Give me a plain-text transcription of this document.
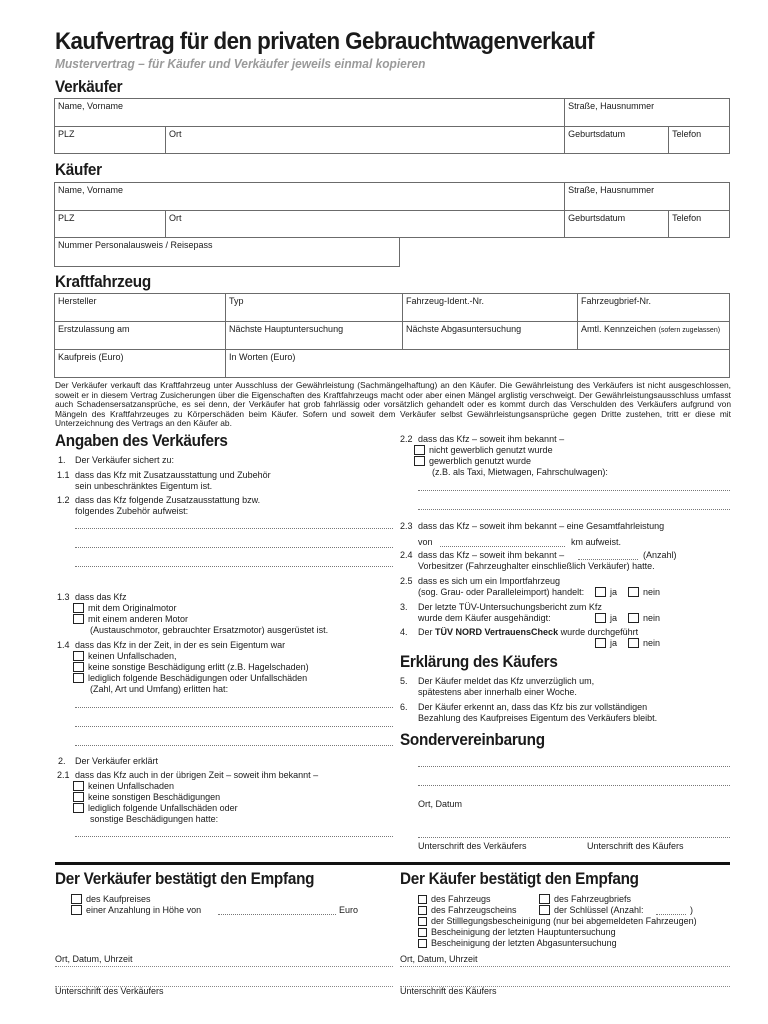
Kaufvertrag für den privaten Gebrauchtwagenverkauf
Mustervertrag – für Käufer und Verkäufer jeweils einmal kopieren
Verkäufer
Name, Vorname		Straße, Hausnummer	
PLZ	Ort	Geburtsdatum	Telefon
Käufer
Name, Vorname		Straße, Hausnummer	
PLZ	Ort	Geburtsdatum	Telefon
Nummer Personalausweis / Reisepass
Kraftfahrzeug
Hersteller	Typ	Fahrzeug-Ident.-Nr.	Fahrzeugbrief-Nr.
Erstzulassung am	Nächste Hauptuntersuchung	Nächste Abgasuntersuchung	Amtl. Kennzeichen (sofern zugelassen)
Kaufpreis (Euro)	In Worten (Euro)		
Der Verkäufer verkauft das Kraftfahrzeug unter Ausschluss der Gewährleistung (Sachmängelhaftung) an den Käufer. Die Gewährleistung des Verkäufers ist nicht ausgeschlossen, soweit er in diesem Vertrag Zusicherungen über die Eigenschaften des Kraftfahrzeugs macht oder aber einen Mängel arglistig verschweigt. Der Gewährleistungsausschluss umfasst auch Schadensersatzansprüche, es sei denn, der Verkäufer hat grob fahrlässig oder vorsätzlich gehandelt oder es kommt durch das Verschulden des Verkäufers aufgrund von Mängeln des Kraftfahrzeuges zu Körperschäden beim Käufer. Sofern und soweit dem Verkäufer selbst Gewährleistungsansprüche gegen Dritte zustehen, tritt er diese mit Unterzeichnung des Vertrags an den Käufer ab.
Angaben des Verkäufers
1. Der Verkäufer sichert zu:
1.1 dass das Kfz mit Zusatzausstattung und Zubehör
sein unbeschränktes Eigentum ist.
1.2 dass das Kfz folgende Zusatzausstattung bzw.
folgendes Zubehör aufweist:
1.3 dass das Kfz
mit dem Originalmotor
mit einem anderen Motor
(Austauschmotor, gebrauchter Ersatzmotor) ausgerüstet ist.
1.4 dass das Kfz in der Zeit, in der es sein Eigentum war
keinen Unfallschaden,
keine sonstige Beschädigung erlitt (z.B. Hagelschaden)
lediglich folgende Beschädigungen oder Unfallschäden
(Zahl, Art und Umfang) erlitten hat:
2. Der Verkäufer erklärt
2.1 dass das Kfz auch in der übrigen Zeit – soweit ihm bekannt –
keinen Unfallschaden
keine sonstigen Beschädigungen
lediglich folgende Unfallschäden oder
sonstige Beschädigungen hatte:
2.2 dass das Kfz – soweit ihm bekannt –
nicht gewerblich genutzt wurde
gewerblich genutzt wurde
(z.B. als Taxi, Mietwagen, Fahrschulwagen):
2.3 dass das Kfz – soweit ihm bekannt – eine Gesamtfahrleistung
von	km aufweist.
2.4 dass das Kfz – soweit ihm bekannt –	(Anzahl)
Vorbesitzer (Fahrzeughalter einschließlich Verkäufer) hatte.
2.5 dass es sich um ein Importfahrzeug
(sog. Grau- oder Paralleleimport) handelt:	ja	nein
3. Der letzte TÜV-Untersuchungsbericht zum Kfz
wurde dem Käufer ausgehändigt:	ja	nein
4. Der TÜV NORD VertrauensCheck wurde durchgeführt
ja	nein
Erklärung des Käufers
5. Der Käufer meldet das Kfz unverzüglich um,
spätestens aber innerhalb einer Woche.
6. Der Käufer erkennt an, dass das Kfz bis zur vollständigen
Bezahlung des Kaufpreises Eigentum des Verkäufers bleibt.
Sondervereinbarung
Ort, Datum
Unterschrift des Verkäufers	Unterschrift des Käufers
Der Verkäufer bestätigt den Empfang
des Kaufpreises
einer Anzahlung in Höhe von	Euro
Ort, Datum, Uhrzeit
Unterschrift des Verkäufers
Der Käufer bestätigt den Empfang
des Fahrzeugs	des Fahrzeugbriefs
des Fahrzeugscheins	der Schlüssel (Anzahl:	)
der Stilllegungsbescheinigung (nur bei abgemeldeten Fahrzeugen)
Bescheinigung der letzten Hauptuntersuchung
Bescheinigung der letzten Abgasuntersuchung
Ort, Datum, Uhrzeit
Unterschrift des Käufers
